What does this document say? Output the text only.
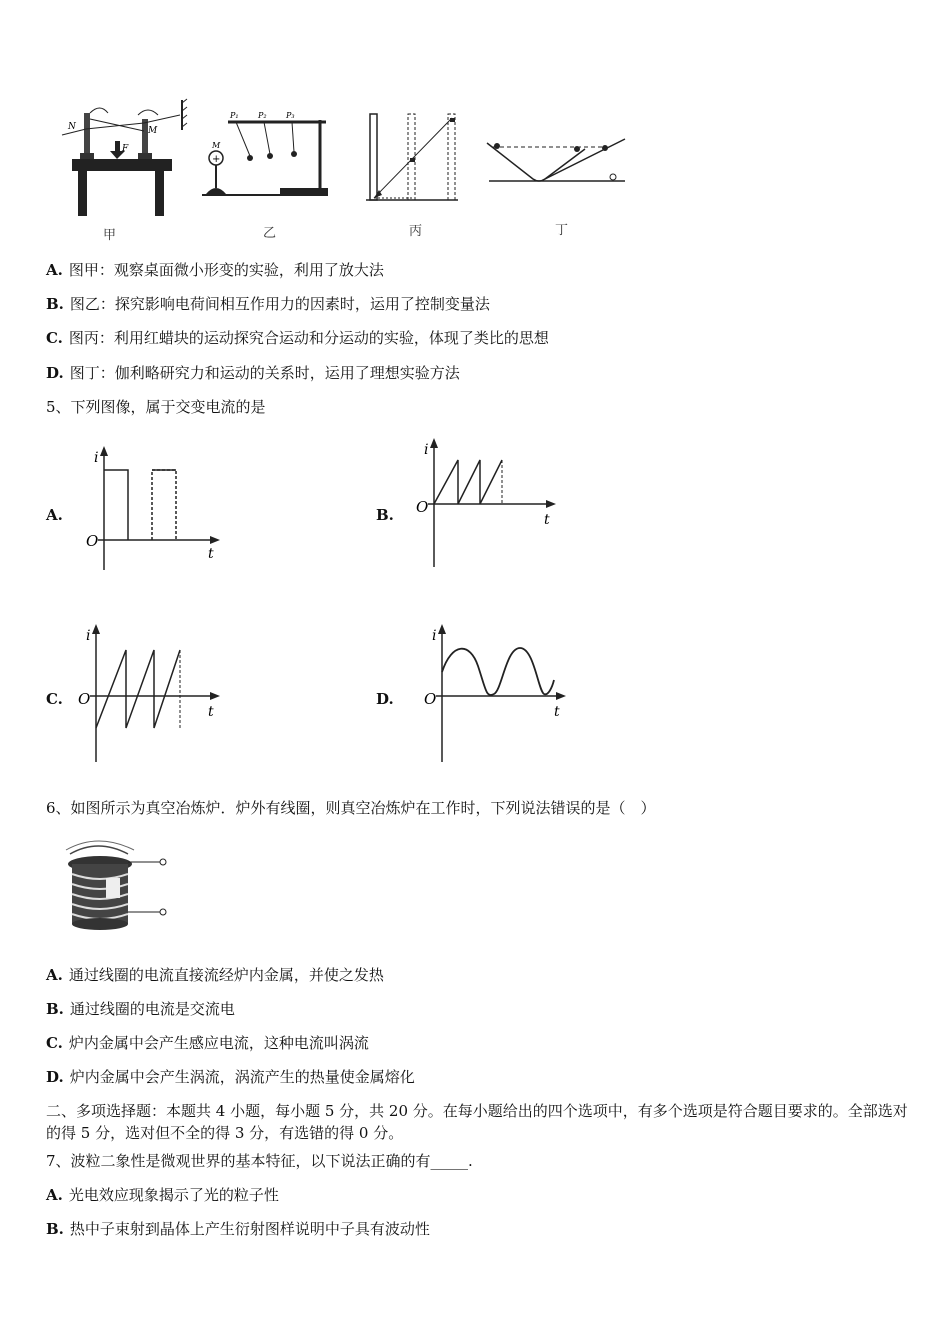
N	M
F
甲
+
P₁ P₂ P₃
M
乙	丙	丁
A. 图甲：观察桌面微小形变的实验，利用了放大法
B. 图乙：探究影响电荷间相互作用力的因素时，运用了控制变量法
C. 图丙：利用红蜡块的运动探究合运动和分运动的实验，体现了类比的思想
D. 图丁：伽利略研究力和运动的关系时，运用了理想实验方法
5、下列图像，属于交变电流的是
A.
i
t
O
B.
i
t
O
C.
i
t
O	D.
i
t
O
6、如图所示为真空冶炼炉．炉外有线圈，则真空冶炼炉在工作时，下列说法错误的是（　）
A. 通过线圈的电流直接流经炉内金属，并使之发热
B. 通过线圈的电流是交流电
C. 炉内金属中会产生感应电流，这种电流叫涡流
D. 炉内金属中会产生涡流，涡流产生的热量使金属熔化
二、多项选择题：本题共 4 小题，每小题 5 分，共 20 分。在每小题给出的四个选项中，有多个选项是符合题目要求的。全部选对的得 5 分，选对但不全的得 3 分，有选错的得 0 分。
7、波粒二象性是微观世界的基本特征，以下说法正确的有_____.
A. 光电效应现象揭示了光的粒子性
B. 热中子束射到晶体上产生衍射图样说明中子具有波动性
